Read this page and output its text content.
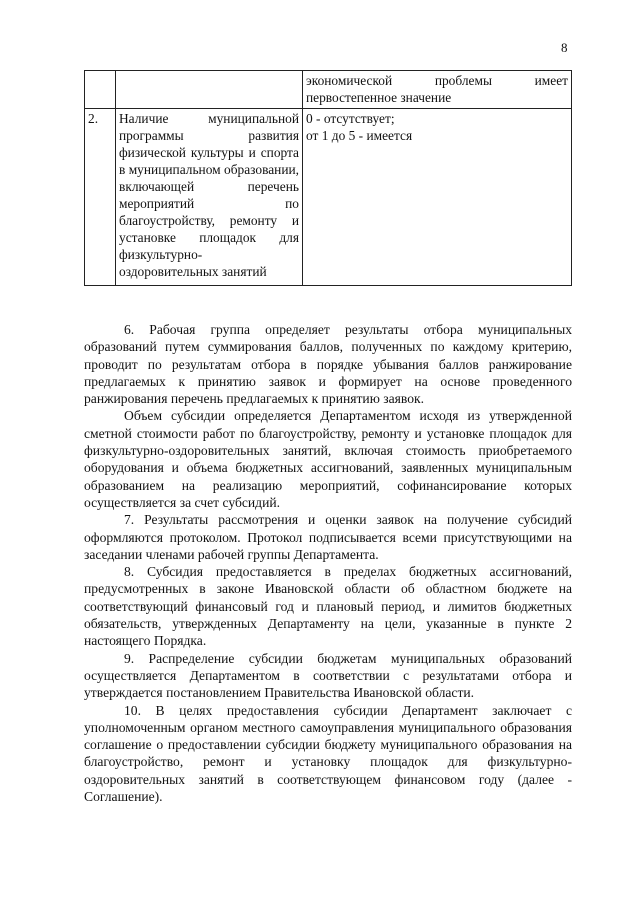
8
		экономической проблемы имеет первостепенное значение
2.	Наличие муниципальной программы развития физической культуры и спорта в муниципальном образовании, включающей перечень мероприятий по благоустройству, ремонту и установке площадок для физкультурно-оздоровительных занятий	0 - отсутствует;
от 1 до 5 - имеется

6. Рабочая группа определяет результаты отбора муниципальных образований путем суммирования баллов, полученных по каждому критерию, проводит по результатам отбора в порядке убывания баллов ранжирование предлагаемых к принятию заявок и формирует на основе проведенного ранжирования перечень предлагаемых к принятию заявок.

Объем субсидии определяется Департаментом исходя из утвержденной сметной стоимости работ по благоустройству, ремонту и установке площадок для физкультурно-оздоровительных занятий, включая стоимость приобретаемого оборудования и объема бюджетных ассигнований, заявленных муниципальным образованием на реализацию мероприятий, софинансирование которых осуществляется за счет субсидий.

7. Результаты рассмотрения и оценки заявок на получение субсидий оформляются протоколом. Протокол подписывается всеми присутствующими на заседании членами рабочей группы Департамента.

8. Субсидия предоставляется в пределах бюджетных ассигнований, предусмотренных в законе Ивановской области об областном бюджете на соответствующий финансовый год и плановый период, и лимитов бюджетных обязательств, утвержденных Департаменту на цели, указанные в пункте 2 настоящего Порядка.

9. Распределение субсидии бюджетам муниципальных образований осуществляется Департаментом в соответствии с результатами отбора и утверждается постановлением Правительства Ивановской области.

10. В целях предоставления субсидии Департамент заключает с уполномоченным органом местного самоуправления муниципального образования соглашение о предоставлении субсидии бюджету муниципального образования на благоустройство, ремонт и установку площадок для физкультурно-оздоровительных занятий в соответствующем финансовом году (далее - Соглашение).
